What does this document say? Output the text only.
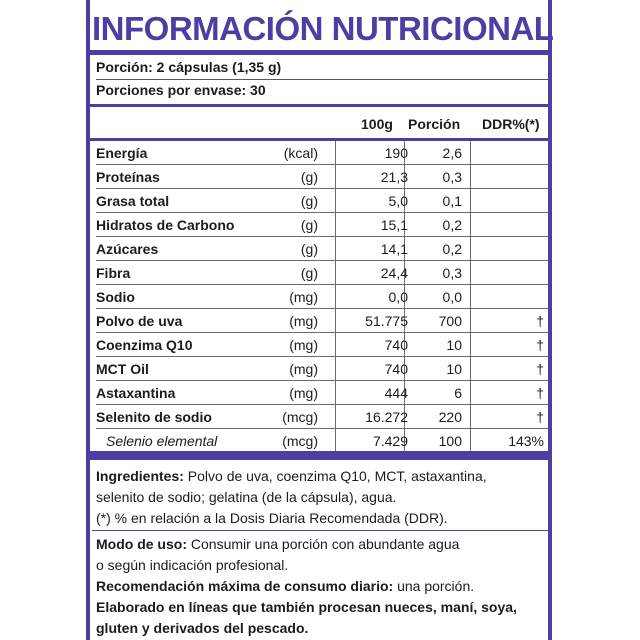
INFORMACIÓN NUTRICIONAL
Porción: 2 cápsulas (1,35 g)
Porciones por envase: 30
100g Porción DDR%(*)
Energía	(kcal)	190 2,6
Proteínas	(g)	21,3 0,3
Grasa total	(g)	5,0 0,1
Hidratos de Carbono	(g)	15,1 0,2
Azúcares	(g)	14,1 0,2
Fibra	(g)	24,4 0,3
Sodio	(mg)	0,0 0,0
Polvo de uva	(mg)	51.775 700	†
Coenzima Q10	(mg)	740	10	†
MCT Oil	(mg)	740	10	†
Astaxantina	(mg)	444	6	†
Selenito de sodio	(mcg)	16.272 220	†
Selenio elemental	(mcg)	7.429 100	143%
Ingredientes: Polvo de uva, coenzima Q10, MCT, astaxantina,
selenito de sodio; gelatina (de la cápsula), agua.
(*) % en relación a la Dosis Diaria Recomendada (DDR).
Modo de uso: Consumir una porción con abundante agua
o según indicación profesional.
Recomendación máxima de consumo diario: una porción.
Elaborado en líneas que también procesan nueces, maní, soya,
gluten y derivados del pescado.
